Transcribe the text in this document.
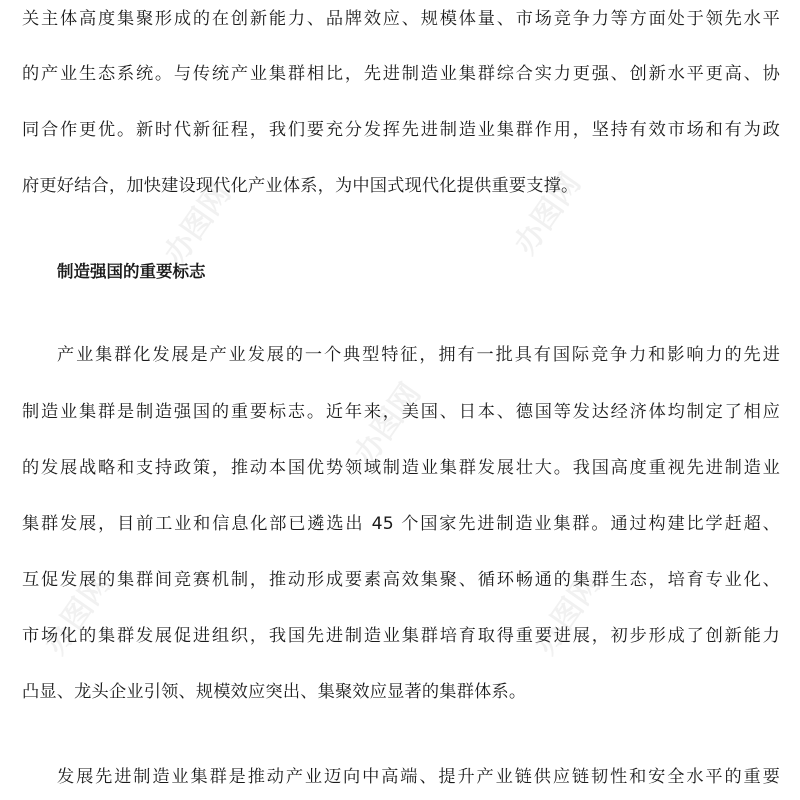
办图网	办图网
办图网
办图网	办图网
关主体高度集聚形成的在创新能力、品牌效应、规模体量、市场竞争力等方面处于领先水平
的产业生态系统。与传统产业集群相比，先进制造业集群综合实力更强、创新水平更高、协
同合作更优。新时代新征程，我们要充分发挥先进制造业集群作用，坚持有效市场和有为政
府更好结合，加快建设现代化产业体系，为中国式现代化提供重要支撑。
制造强国的重要标志
产业集群化发展是产业发展的一个典型特征，拥有一批具有国际竞争力和影响力的先进
制造业集群是制造强国的重要标志。近年来，美国、日本、德国等发达经济体均制定了相应
的发展战略和支持政策，推动本国优势领域制造业集群发展壮大。我国高度重视先进制造业
集群发展，目前工业和信息化部已遴选出 45 个国家先进制造业集群。通过构建比学赶超、
互促发展的集群间竞赛机制，推动形成要素高效集聚、循环畅通的集群生态，培育专业化、
市场化的集群发展促进组织，我国先进制造业集群培育取得重要进展，初步形成了创新能力
凸显、龙头企业引领、规模效应突出、集聚效应显著的集群体系。
发展先进制造业集群是推动产业迈向中高端、提升产业链供应链韧性和安全水平的重要
